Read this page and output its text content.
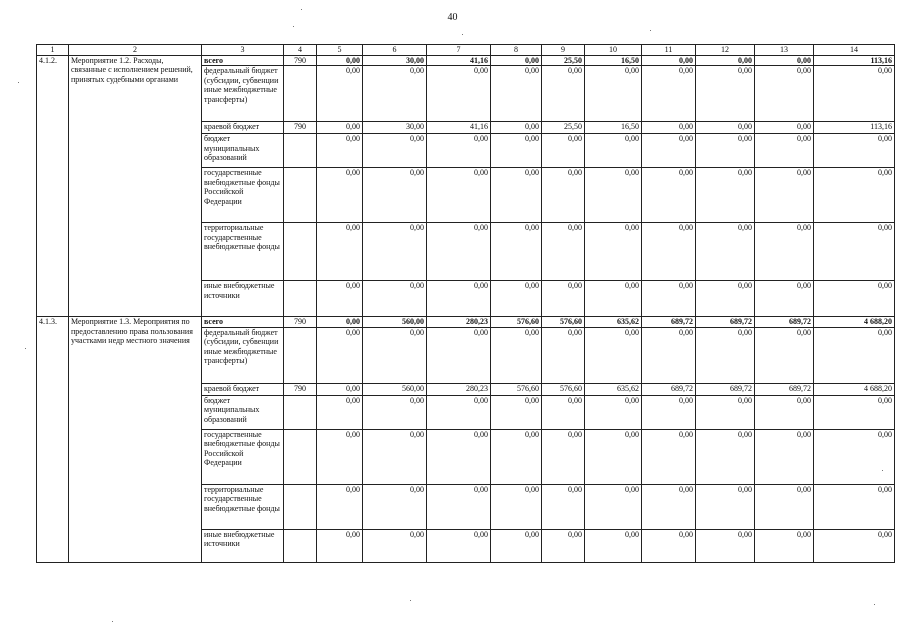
40
1	2	3	4	5	6	7	8	9	10	11	12	13	14
4.1.2.	Мероприятие 1.2. Расходы, связанные с исполнением решений, принятых судебными органами	всего	790	0,00	30,00	41,16	0,00	25,50	16,50	0,00	0,00	0,00	113,16
		федеральный бюджет (субсидии, субвенции иные межбюджетные трансферты)		0,00	0,00	0,00	0,00	0,00	0,00	0,00	0,00	0,00	0,00
		краевой бюджет	790	0,00	30,00	41,16	0,00	25,50	16,50	0,00	0,00	0,00	113,16
		бюджет муниципальных образований		0,00	0,00	0,00	0,00	0,00	0,00	0,00	0,00	0,00	0,00
		государственные внебюджетные фонды Российской Федерации		0,00	0,00	0,00	0,00	0,00	0,00	0,00	0,00	0,00	0,00
		территориальные государственные внебюджетные фонды		0,00	0,00	0,00	0,00	0,00	0,00	0,00	0,00	0,00	0,00
		иные внебюджетные источники		0,00	0,00	0,00	0,00	0,00	0,00	0,00	0,00	0,00	0,00
4.1.3.	Мероприятие 1.3. Мероприятия по предоставлению права пользования участками недр местного значения	всего	790	0,00	560,00	280,23	576,60	576,60	635,62	689,72	689,72	689,72	4 688,20
		федеральный бюджет (субсидии, субвенции иные межбюджетные трансферты)		0,00	0,00	0,00	0,00	0,00	0,00	0,00	0,00	0,00	0,00
		краевой бюджет	790	0,00	560,00	280,23	576,60	576,60	635,62	689,72	689,72	689,72	4 688,20
		бюджет муниципальных образований		0,00	0,00	0,00	0,00	0,00	0,00	0,00	0,00	0,00	0,00
		государственные внебюджетные фонды Российской Федерации		0,00	0,00	0,00	0,00	0,00	0,00	0,00	0,00	0,00	0,00
		территориальные государственные внебюджетные фонды		0,00	0,00	0,00	0,00	0,00	0,00	0,00	0,00	0,00	0,00
		иные внебюджетные источники		0,00	0,00	0,00	0,00	0,00	0,00	0,00	0,00	0,00	0,00
